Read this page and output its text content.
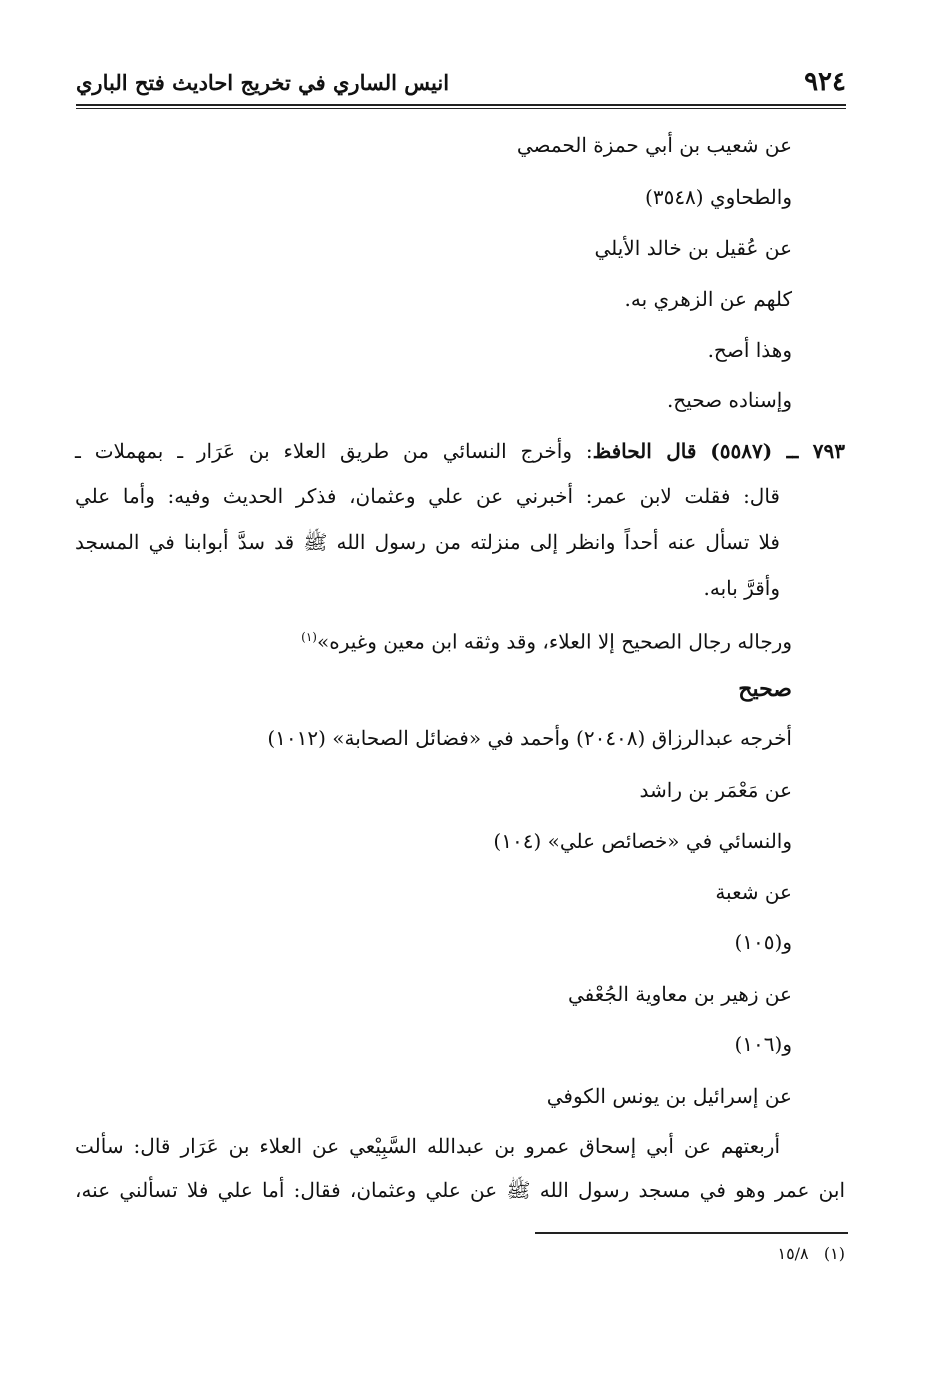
٩٢٤
انيس الساري في تخريج احاديث فتح الباري
عن شعيب بن أبي حمزة الحمصي
والطحاوي (٣٥٤٨)
عن عُقيل بن خالد الأيلي
كلهم عن الزهري به.
وهذا أصح.
وإسناده صحيح.
٧٩٣ ــ (٥٥٨٧) قال الحافظ: وأخرج النسائي من طريق العلاء بن عَرَار ـ بمهملات ـ
قال: فقلت لابن عمر: أخبرني عن علي وعثمان، فذكر الحديث وفيه: وأما علي
فلا تسأل عنه أحداً وانظر إلى منزلته من رسول الله ﷺ قد سدَّ أبوابنا في المسجد
وأقرَّ بابه.
ورجاله رجال الصحيح إلا العلاء، وقد وثقه ابن معين وغيره»$^{(١)}$
صحيح
أخرجه عبدالرزاق (٢٠٤٠٨) وأحمد في «فضائل الصحابة» (١٠١٢)
عن مَعْمَر بن راشد
والنسائي في «خصائص علي» (١٠٤)
عن شعبة
و(١٠٥)
عن زهير بن معاوية الجُعْفي
و(١٠٦)
عن إسرائيل بن يونس الكوفي
أربعتهم عن أبي إسحاق عمرو بن عبدالله السَّبِيْعي عن العلاء بن عَرَار قال: سألت
ابن عمر وهو في مسجد رسول الله ﷺ عن علي وعثمان، فقال: أما علي فلا تسألني عنه،
(١)   ١٥/٨
